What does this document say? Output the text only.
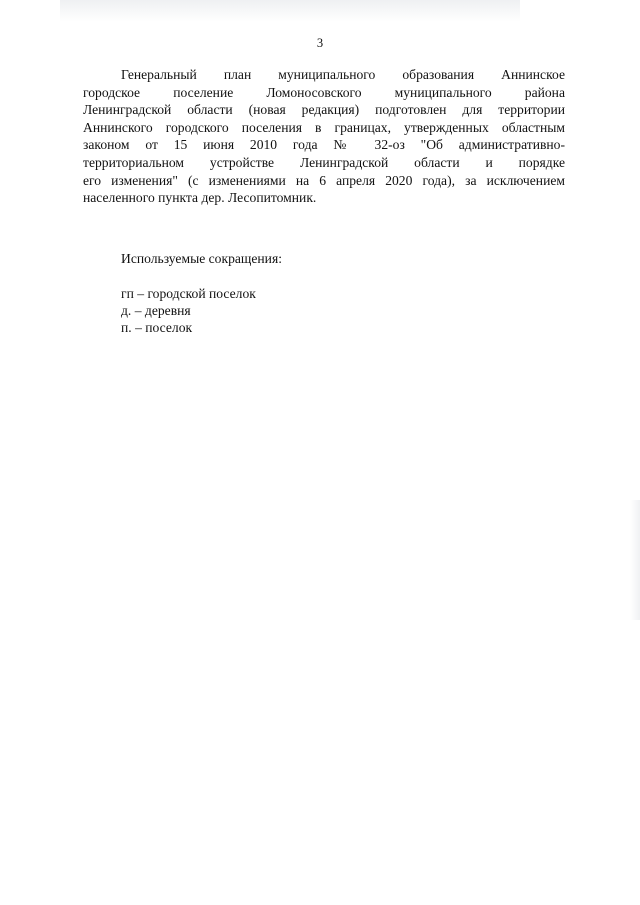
3
Генеральный план муниципального образования Аннинское
городское поселение Ломоносовского муниципального района
Ленинградской области (новая редакция) подготовлен для территории
Аннинского городского поселения в границах, утвержденных областным
законом от 15 июня 2010 года № 32-оз "Об административно-
территориальном устройстве Ленинградской области и порядке
его изменения" (с изменениями на 6 апреля 2020 года), за исключением
населенного пункта дер. Лесопитомник.
Используемые сокращения:
гп – городской поселок
д. – деревня
п. – поселок
